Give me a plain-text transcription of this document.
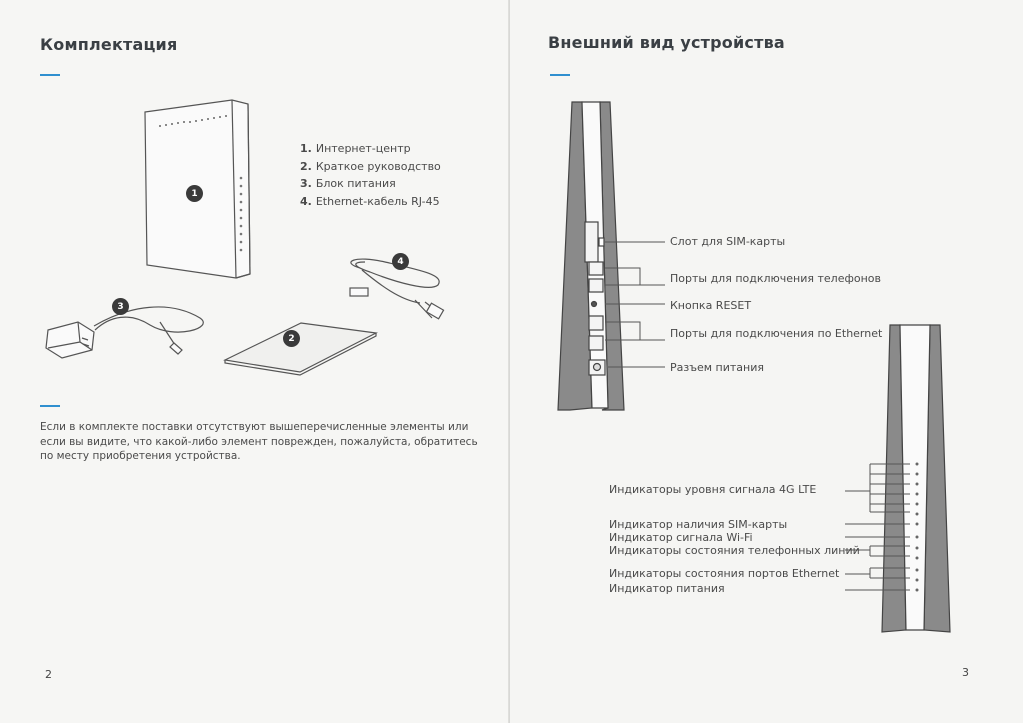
Комплектация
1
2
3
4
1. Интернет-центр
2. Краткое руководство
3. Блок питания
4. Ethernet-кабель RJ-45
Если в комплекте поставки отсутствуют вышеперечисленные элементы или если вы видите, что какой-либо элемент поврежден, пожалуйста, обратитесь по месту приобретения устройства.
2
Внешний вид устройства
Слот для SIM-карты
Порты для подключения телефонов
Кнопка RESET
Порты для подключения по Ethernet
Разъем питания
Индикаторы уровня сигнала 4G LTE
Индикатор наличия SIM-карты
Индикатор сигнала Wi-Fi
Индикаторы состояния телефонных линий
Индикаторы состояния портов Ethernet
Индикатор питания
3
